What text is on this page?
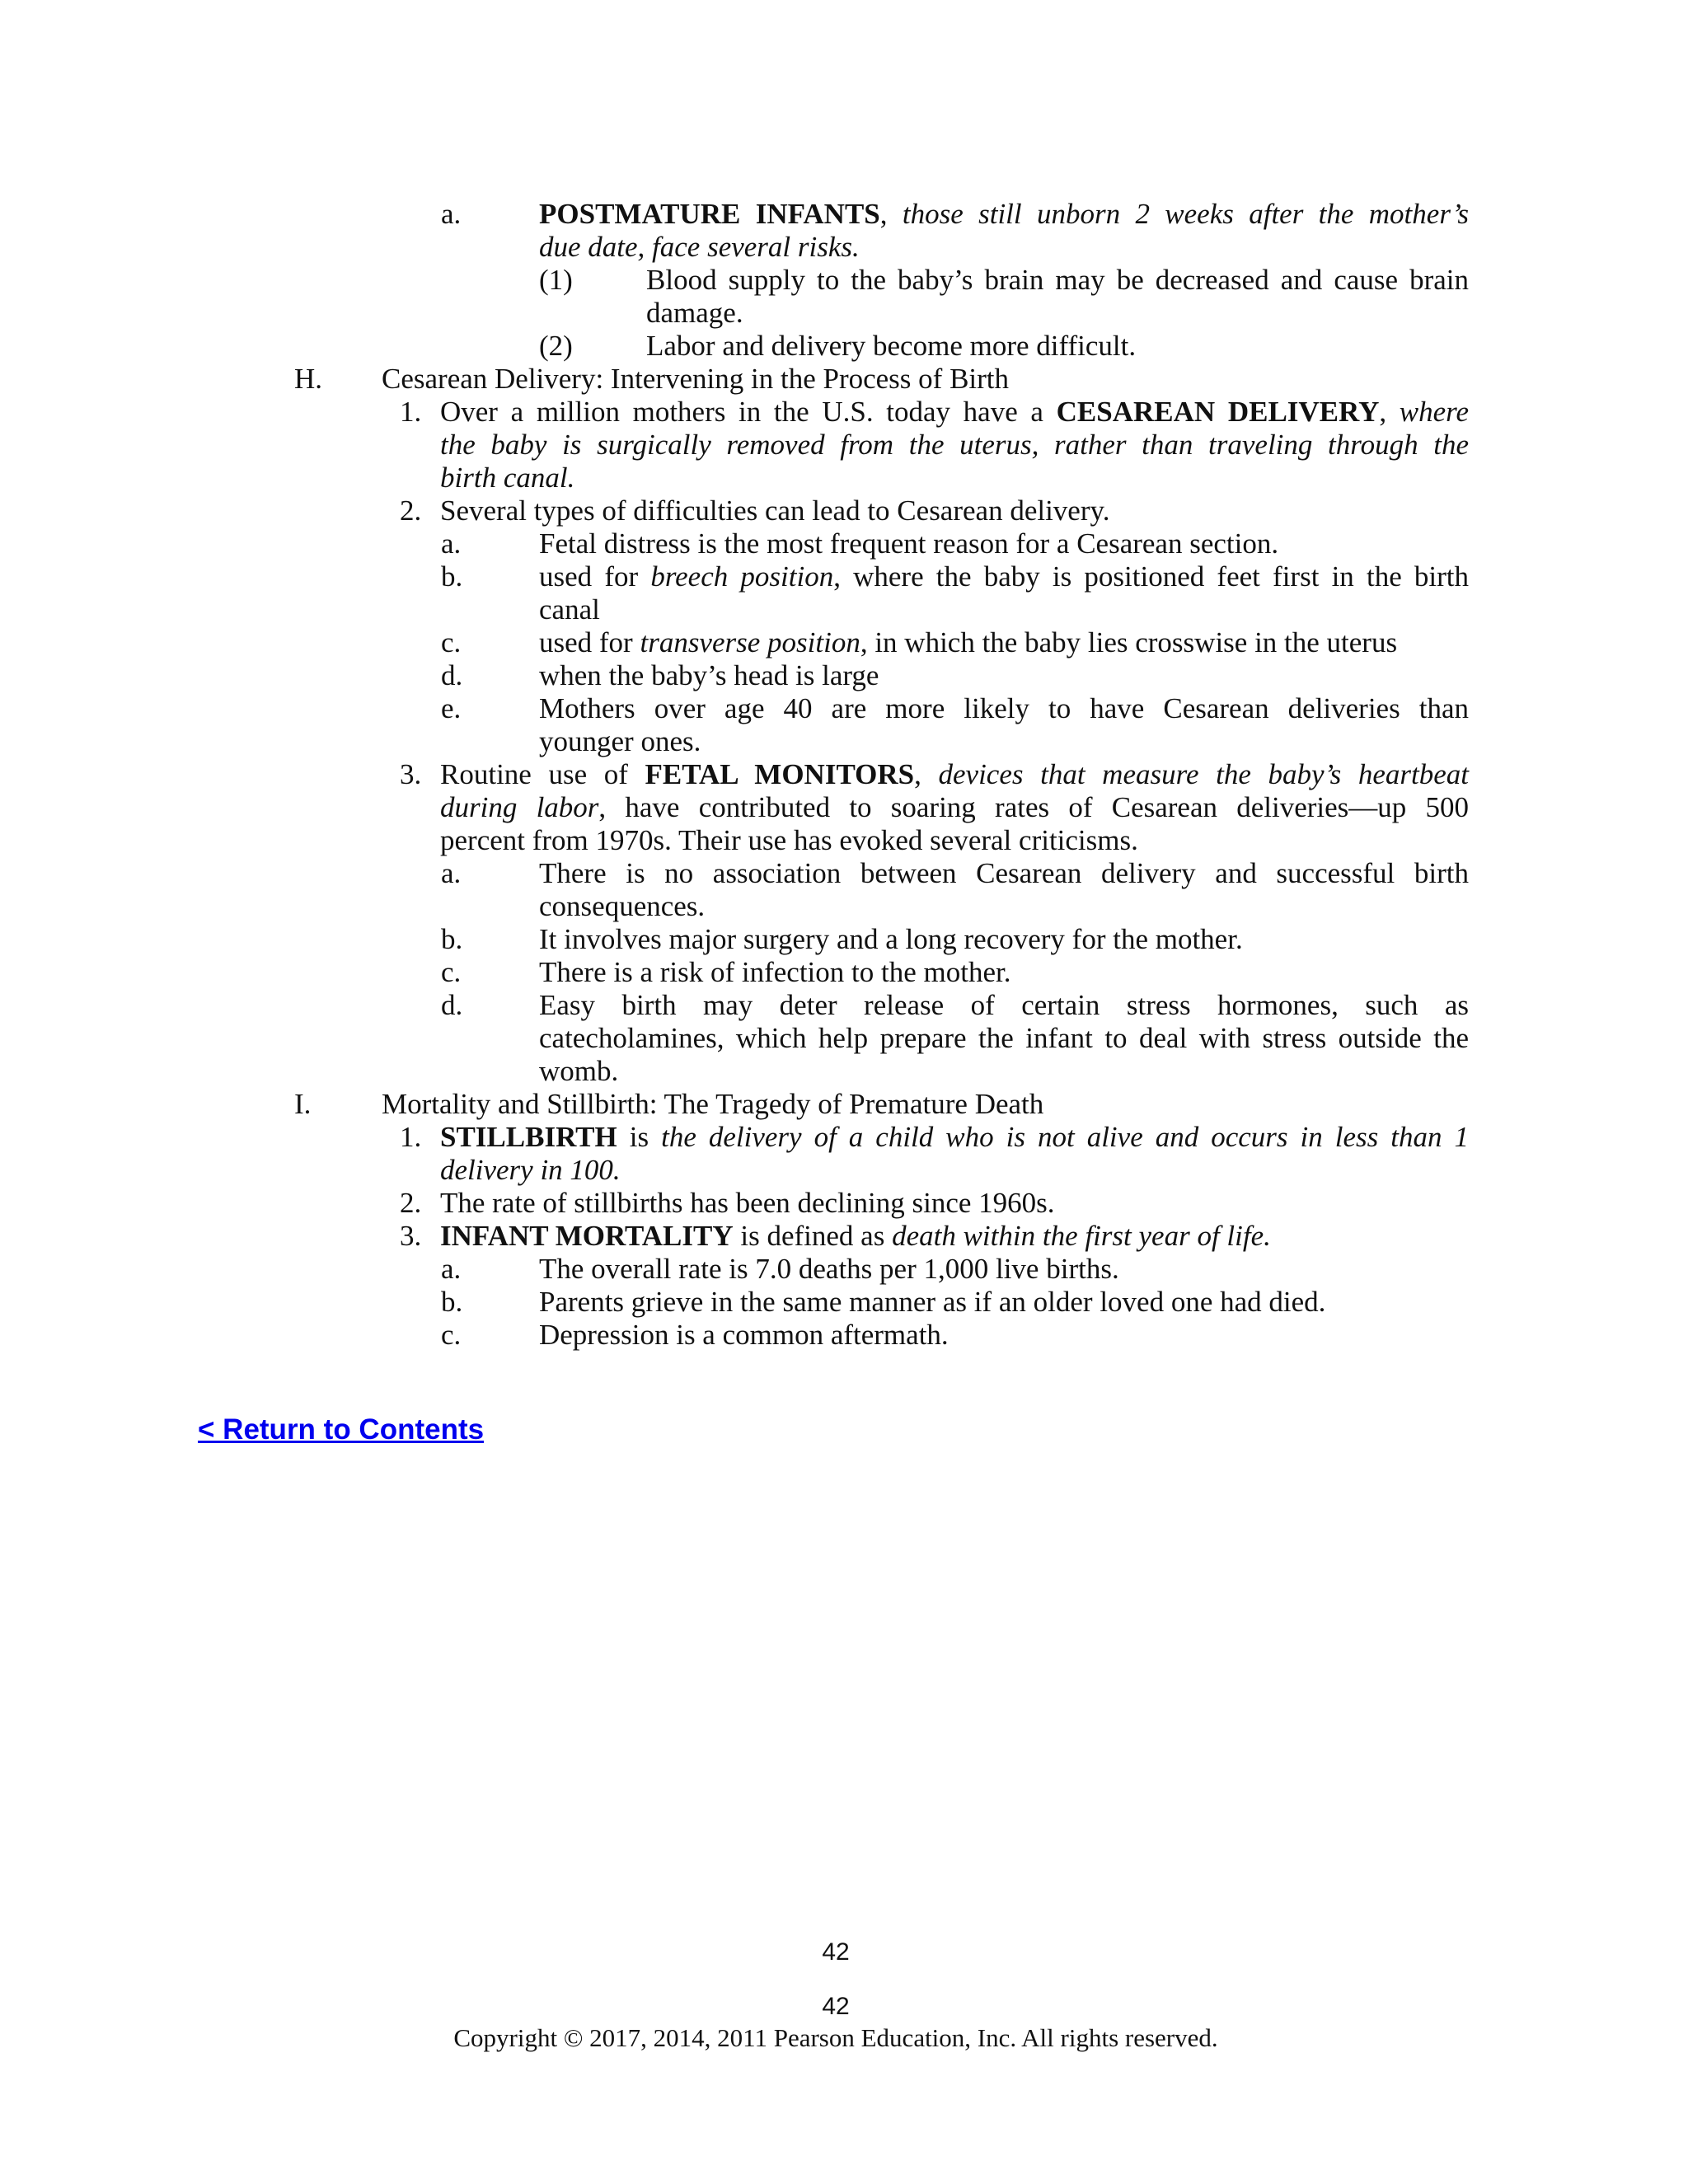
a.	POSTMATURE INFANTS, those still unborn 2 weeks after the mother’s
due date, face several risks.
(1)	Blood supply to the baby’s brain may be decreased and cause brain
damage.
(2)	Labor and delivery become more difficult.
H. Cesarean Delivery: Intervening in the Process of Birth
1. Over a million mothers in the U.S. today have a CESAREAN DELIVERY, where
the baby is surgically removed from the uterus, rather than traveling through the
birth canal.
2. Several types of difficulties can lead to Cesarean delivery.
a.	Fetal distress is the most frequent reason for a Cesarean section.
b.	used for breech position, where the baby is positioned feet first in the birth
canal
c.	used for transverse position, in which the baby lies crosswise in the uterus
d.	when the baby’s head is large
e.	Mothers over age 40 are more likely to have Cesarean deliveries than
younger ones.
3. Routine use of FETAL MONITORS, devices that measure the baby’s heartbeat
during labor, have contributed to soaring rates of Cesarean deliveries—up 500
percent from 1970s. Their use has evoked several criticisms.
a.	There is no association between Cesarean delivery and successful birth
consequences.
b.	It involves major surgery and a long recovery for the mother.
c.	There is a risk of infection to the mother.
d.	Easy birth may deter release of certain stress hormones, such as
catecholamines, which help prepare the infant to deal with stress outside the
womb.
I. Mortality and Stillbirth: The Tragedy of Premature Death
1. STILLBIRTH is the delivery of a child who is not alive and occurs in less than 1
delivery in 100.
2. The rate of stillbirths has been declining since 1960s.
3. INFANT MORTALITY is defined as death within the first year of life.
a.	The overall rate is 7.0 deaths per 1,000 live births.
b.	Parents grieve in the same manner as if an older loved one had died.
c.	Depression is a common aftermath.
< Return to Contents
42
42
Copyright © 2017, 2014, 2011 Pearson Education, Inc. All rights reserved.
